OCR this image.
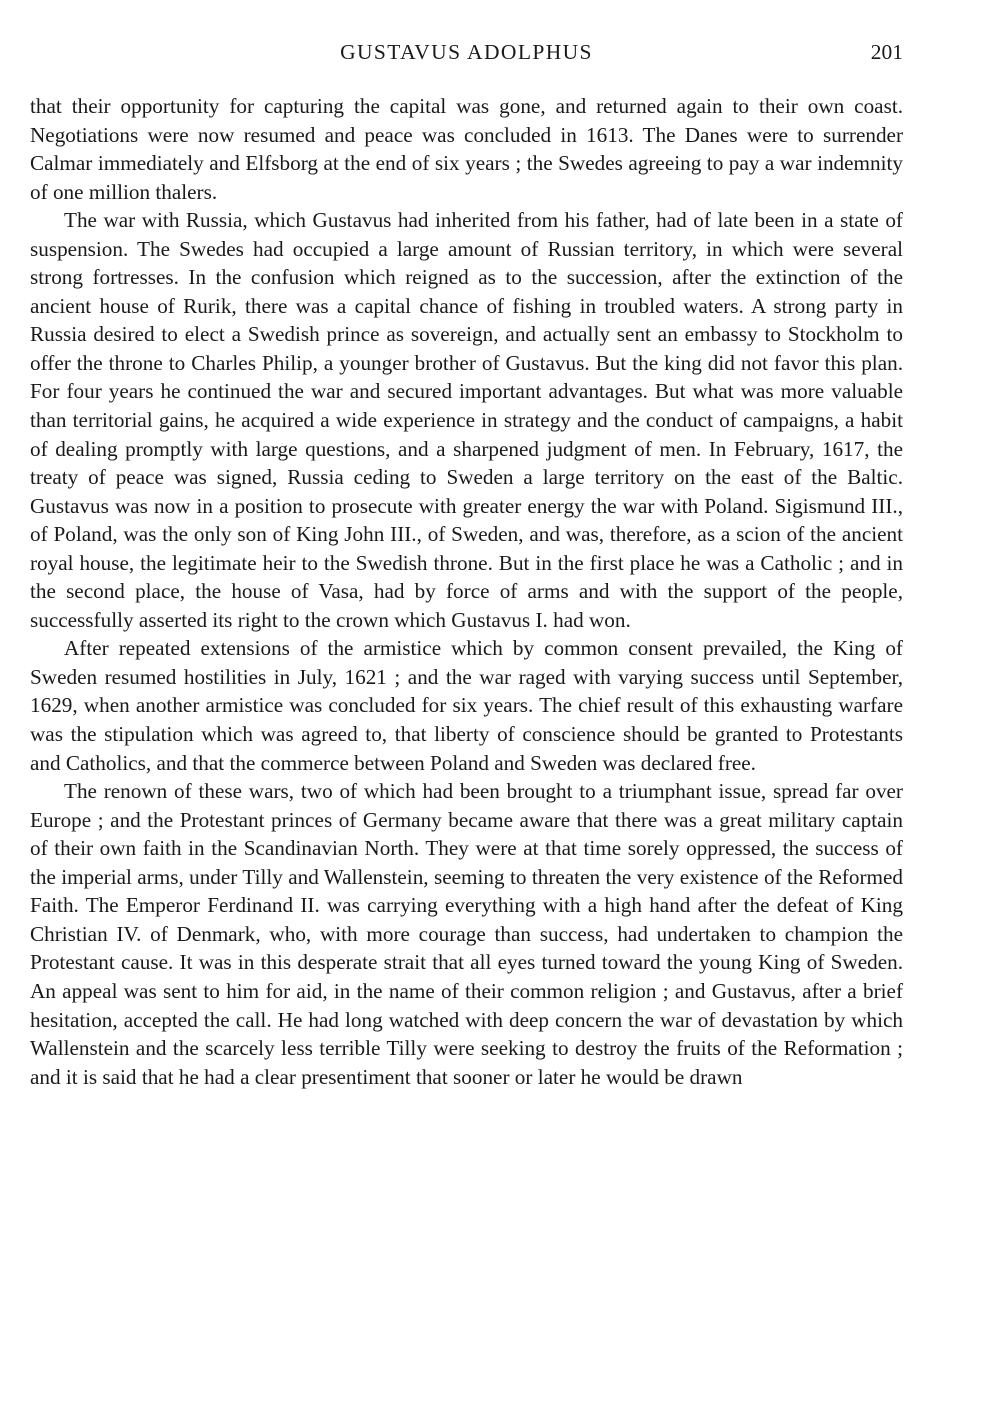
GUSTAVUS ADOLPHUS	201

that their opportunity for capturing the capital was gone, and returned again to their own coast. Negotiations were now resumed and peace was concluded in 1613. The Danes were to surrender Calmar immediately and Elfsborg at the end of six years ; the Swedes agreeing to pay a war indemnity of one million thalers.

The war with Russia, which Gustavus had inherited from his father, had of late been in a state of suspension. The Swedes had occupied a large amount of Russian territory, in which were several strong fortresses. In the confusion which reigned as to the succession, after the extinction of the ancient house of Rurik, there was a capital chance of fishing in troubled waters. A strong party in Russia desired to elect a Swedish prince as sovereign, and actually sent an embassy to Stockholm to offer the throne to Charles Philip, a younger brother of Gustavus. But the king did not favor this plan. For four years he continued the war and secured important advantages. But what was more valuable than territorial gains, he acquired a wide experience in strategy and the conduct of campaigns, a habit of dealing promptly with large questions, and a sharpened judgment of men. In February, 1617, the treaty of peace was signed, Russia ceding to Sweden a large territory on the east of the Baltic. Gustavus was now in a position to prosecute with greater energy the war with Poland. Sigismund III., of Poland, was the only son of King John III., of Sweden, and was, therefore, as a scion of the ancient royal house, the legitimate heir to the Swedish throne. But in the first place he was a Catholic ; and in the second place, the house of Vasa, had by force of arms and with the support of the people, successfully asserted its right to the crown which Gustavus I. had won.

After repeated extensions of the armistice which by common consent prevailed, the King of Sweden resumed hostilities in July, 1621 ; and the war raged with varying success until September, 1629, when another armistice was concluded for six years. The chief result of this exhausting warfare was the stipulation which was agreed to, that liberty of conscience should be granted to Protestants and Catholics, and that the commerce between Poland and Sweden was declared free.

The renown of these wars, two of which had been brought to a triumphant issue, spread far over Europe ; and the Protestant princes of Germany became aware that there was a great military captain of their own faith in the Scandinavian North. They were at that time sorely oppressed, the success of the imperial arms, under Tilly and Wallenstein, seeming to threaten the very existence of the Reformed Faith. The Emperor Ferdinand II. was carrying everything with a high hand after the defeat of King Christian IV. of Denmark, who, with more courage than success, had undertaken to champion the Protestant cause. It was in this desperate strait that all eyes turned toward the young King of Sweden. An appeal was sent to him for aid, in the name of their common religion ; and Gustavus, after a brief hesitation, accepted the call. He had long watched with deep concern the war of devastation by which Wallenstein and the scarcely less terrible Tilly were seeking to destroy the fruits of the Reformation ; and it is said that he had a clear presentiment that sooner or later he would be drawn
